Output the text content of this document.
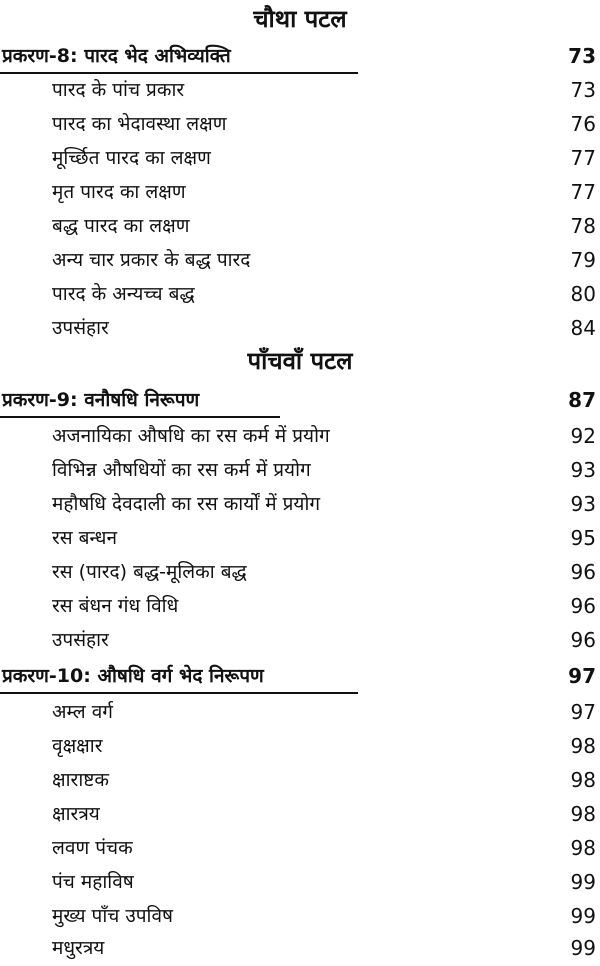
चौथा पटल
प्रकरण-8: पारद भेद अभिव्यक्ति	73
पारद के पांच प्रकार	73
पारद का भेदावस्था लक्षण	76
मूर्च्छित पारद का लक्षण	77
मृत पारद का लक्षण	77
बद्ध पारद का लक्षण	78
अन्य चार प्रकार के बद्ध पारद	79
पारद के अन्यच्च बद्ध	80
उपसंहार	84
पाँचवाँ पटल
प्रकरण-9: वनौषधि निरूपण	87
अजनायिका औषधि का रस कर्म में प्रयोग	92
विभिन्न औषधियों का रस कर्म में प्रयोग	93
महौषधि देवदाली का रस कार्यों में प्रयोग	93
रस बन्धन	95
रस (पारद) बद्ध-मूलिका बद्ध	96
रस बंधन गंध विधि	96
उपसंहार	96
प्रकरण-10: औषधि वर्ग भेद निरूपण	97
अम्ल वर्ग	97
वृक्षक्षार	98
क्षाराष्टक	98
क्षारत्रय	98
लवण पंचक	98
पंच महाविष	99
मुख्य पाँच उपविष	99
मधुरत्रय	99
